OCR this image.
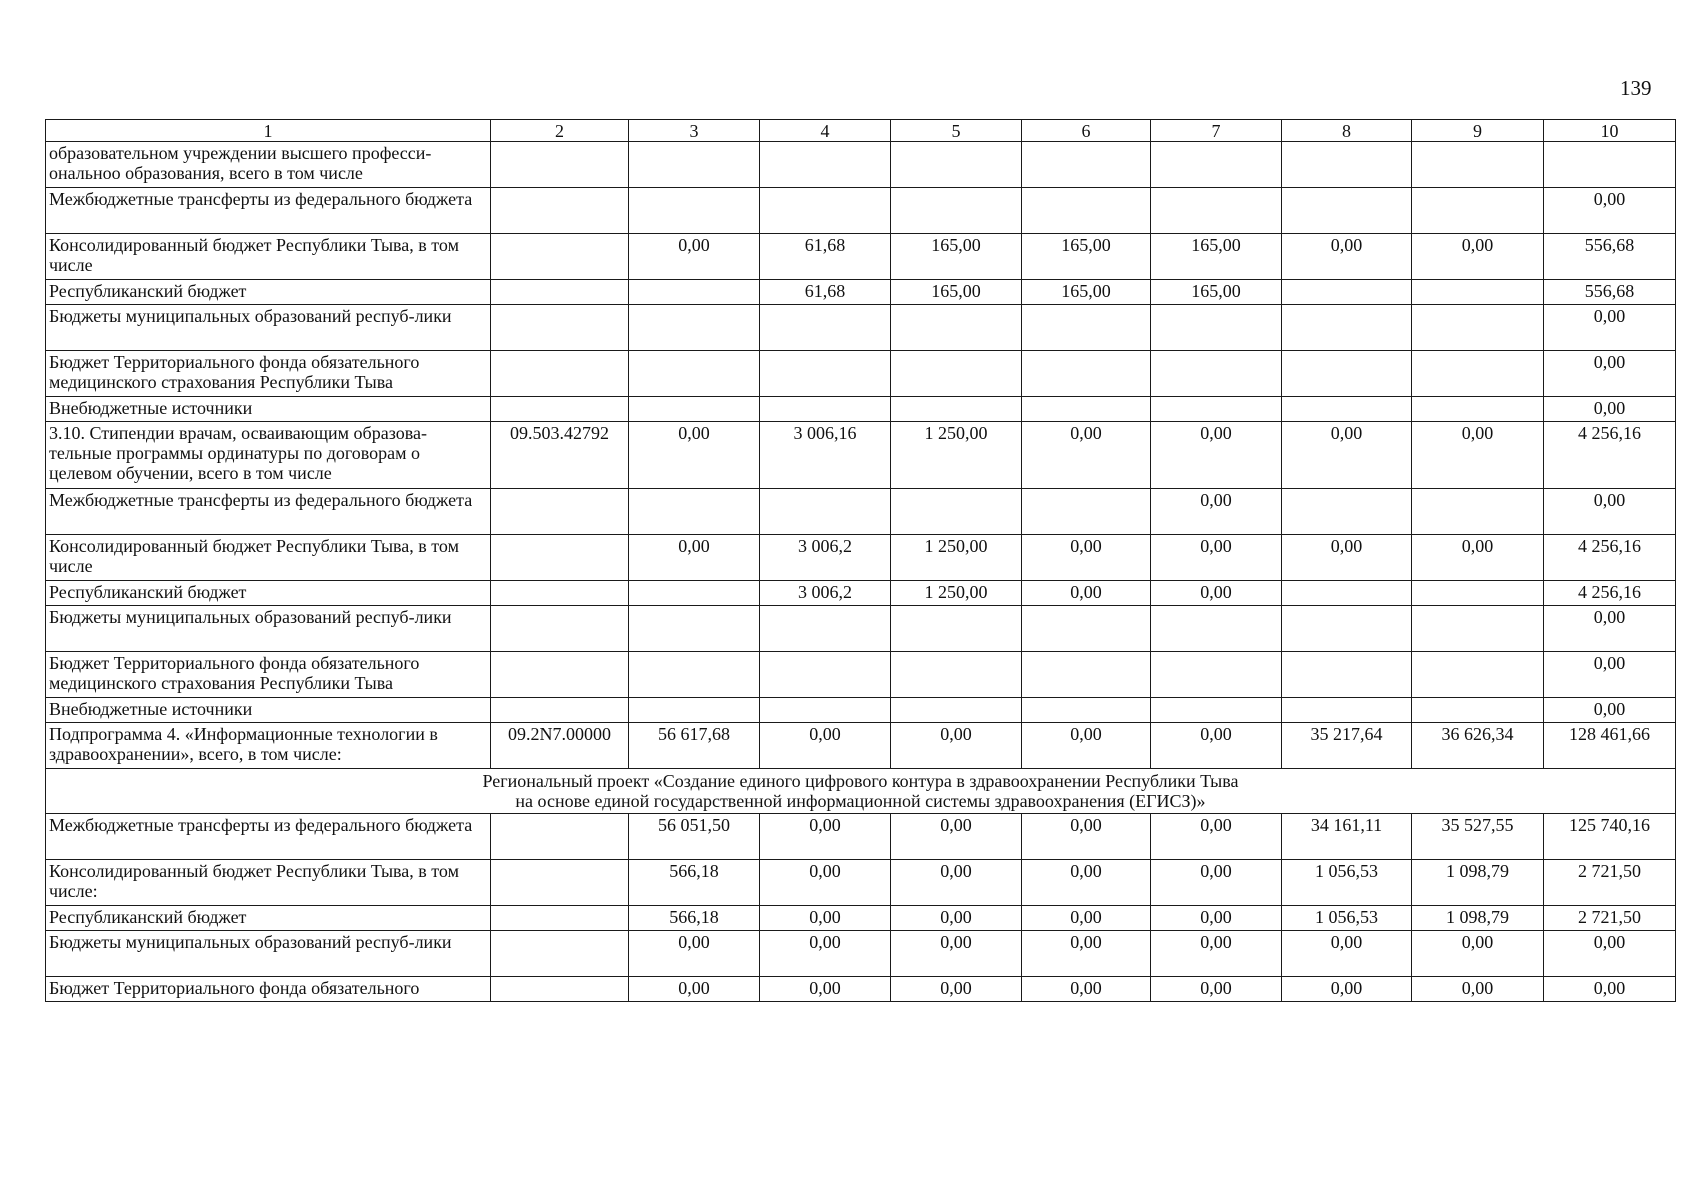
139
1	2	3	4	5	6	7	8	9	10
образовательном учреждении высшего професси-ональноо образования, всего в том числе									
Межбюджетные трансферты из федерального бюджета									0,00
Консолидированный бюджет Республики Тыва, в том числе		0,00	61,68	165,00	165,00	165,00	0,00	0,00	556,68
Республиканский бюджет			61,68	165,00	165,00	165,00			556,68
Бюджеты муниципальных образований респуб-лики									0,00
Бюджет Территориального фонда обязательного медицинского страхования Республики Тыва									0,00
Внебюджетные источники									0,00
3.10. Стипендии врачам, осваивающим образова-тельные программы ординатуры по договорам о целевом обучении, всего в том числе	09.503.42792	0,00	3 006,16	1 250,00	0,00	0,00	0,00	0,00	4 256,16
Межбюджетные трансферты из федерального бюджета						0,00			0,00
Консолидированный бюджет Республики Тыва, в том числе		0,00	3 006,2	1 250,00	0,00	0,00	0,00	0,00	4 256,16
Республиканский бюджет			3 006,2	1 250,00	0,00	0,00			4 256,16
Бюджеты муниципальных образований респуб-лики									0,00
Бюджет Территориального фонда обязательного медицинского страхования Республики Тыва									0,00
Внебюджетные источники									0,00
Подпрограмма 4. «Информационные технологии в здравоохранении», всего, в том числе:	09.2N7.00000	56 617,68	0,00	0,00	0,00	0,00	35 217,64	36 626,34	128 461,66

Региональный проект «Создание единого цифрового контура в здравоохранении Республики Тыва
на основе единой государственной информационной системы здравоохранения (ЕГИСЗ)»									

Межбюджетные трансферты из федерального бюджета		56 051,50	0,00	0,00	0,00	0,00	34 161,11	35 527,55	125 740,16
Консолидированный бюджет Республики Тыва, в том числе:		566,18	0,00	0,00	0,00	0,00	1 056,53	1 098,79	2 721,50
Республиканский бюджет		566,18	0,00	0,00	0,00	0,00	1 056,53	1 098,79	2 721,50
Бюджеты муниципальных образований респуб-лики		0,00	0,00	0,00	0,00	0,00	0,00	0,00	0,00
Бюджет Территориального фонда обязательного		0,00	0,00	0,00	0,00	0,00	0,00	0,00	0,00
